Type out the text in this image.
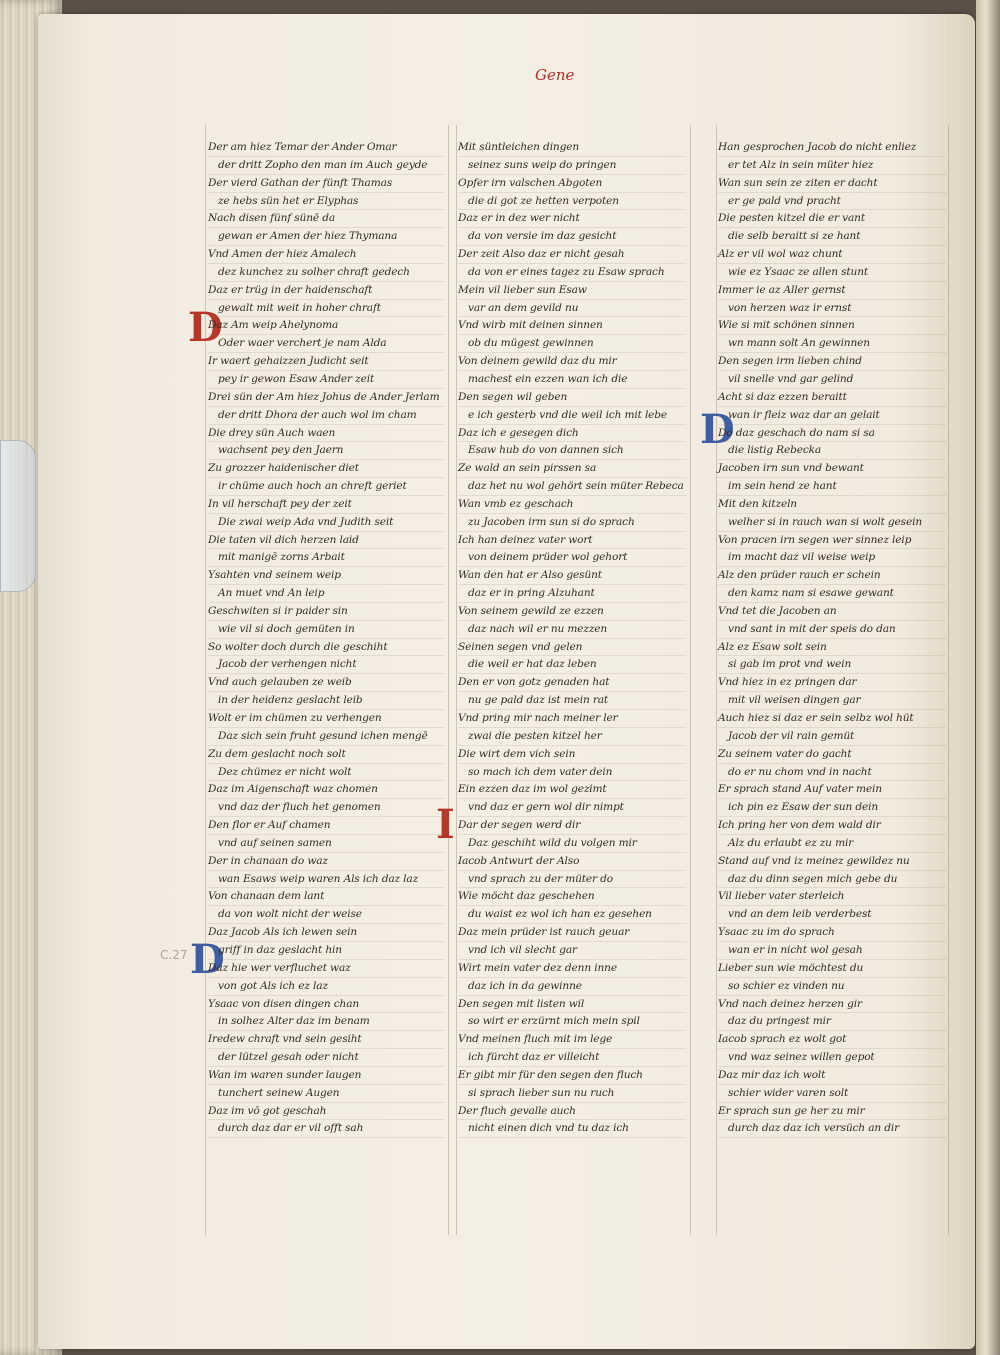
Gene
C.27
D
D
I
D
Der am hiez Temar der Ander Omar
der dritt Zopho den man im Auch geyde
Der vierd Gathan der fünft Thamas
ze hebs sün het er Elyphas
Nach disen fünf sünē da
gewan er Amen der hiez Thymana
Vnd Amen der hiez Amalech
dez kunchez zu solher chraft gedech
Daz er trüg in der haidenschaft
gewalt mit weit in hoher chraft
Daz Am weip Ahelynoma
Oder waer verchert je nam Alda
Ir waert gehaizzen Judicht seit
pey ir gewon Esaw Ander zeit
Drei sün der Am hiez Johus de Ander Jerlam
der dritt Dhora der auch wol im cham
Die drey sün Auch waen
wachsent pey den Jaern
Zu grozzer haidenischer diet
ir chüme auch hoch an chreft geriet
In vil herschaft pey der zeit
Die zwai weip Ada vnd Judith seit
Die taten vil dich herzen laid
mit manigē zorns Arbait
Ysahten vnd seinem weip
An muet vnd An leip
Geschwiten si ir paider sin
wie vil si doch gemüten in
So wolter doch durch die geschiht
Jacob der verhengen nicht
Vnd auch gelauben ze weib
in der heidenz geslacht leib
Wolt er im chümen zu verhengen
Daz sich sein fruht gesund ichen mengē
Zu dem geslacht noch solt
Dez chümez er nicht wolt
Daz im Aigenschaft waz chomen
vnd daz der fluch het genomen
Den flor er Auf chamen
vnd auf seinen samen
Der in chanaan do waz
wan Esaws weip waren Als ich daz laz
Von chanaan dem lant
da von wolt nicht der weise
Daz Jacob Als ich lewen sein
griff in daz geslacht hin
Daz hie wer verfluchet waz
von got Als ich ez laz
Ysaac von disen dingen chan
in solhez Alter daz im benam
Iredew chraft vnd sein gesiht
der lützel gesah oder nicht
Wan im waren sunder laugen
tunchert seinew Augen
Daz im vō got geschah
durch daz dar er vil offt sah
Mit süntleichen dingen
seinez suns weip do pringen
Opfer irn valschen Abgoten
die di got ze hetten verpoten
Daz er in dez wer nicht
da von versie im daz gesicht
Der zeit Also daz er nicht gesah
da von er eines tagez zu Esaw sprach
Mein vil lieber sun Esaw
var an dem gevild nu
Vnd wirb mit deinen sinnen
ob du mügest gewinnen
Von deinem gewild daz du mir
machest ein ezzen wan ich die
Den segen wil geben
e ich gesterb vnd die weil ich mit lebe
Daz ich e gesegen dich
Esaw hub do von dannen sich
Ze wald an sein pirssen sa
daz het nu wol gehört sein müter Rebeca
Wan vmb ez geschach
zu Jacoben irm sun si do sprach
Ich han deinez vater wort
von deinem prüder wol gehort
Wan den hat er Also gesünt
daz er in pring Alzuhant
Von seinem gewild ze ezzen
daz nach wil er nu mezzen
Seinen segen vnd gelen
die weil er hat daz leben
Den er von gotz genaden hat
nu ge pald daz ist mein rat
Vnd pring mir nach meiner ler
zwai die pesten kitzel her
Die wirt dem vich sein
so mach ich dem vater dein
Ein ezzen daz im wol gezimt
vnd daz er gern wol dir nimpt
Dar der segen werd dir
Daz geschiht wild du volgen mir
Iacob Antwurt der Also
vnd sprach zu der müter do
Wie möcht daz geschehen
du waist ez wol ich han ez gesehen
Daz mein prüder ist rauch geuar
vnd ich vil slecht gar
Wirt mein vater dez denn inne
daz ich in da gewinne
Den segen mit listen wil
so wirt er erzürnt mich mein spil
Vnd meinen fluch mit im lege
ich fürcht daz er villeicht
Er gibt mir für den segen den fluch
si sprach lieber sun nu ruch
Der fluch gevalle auch
nicht einen dich vnd tu daz ich
Han gesprochen Jacob do nicht enliez
er tet Alz in sein müter hiez
Wan sun sein ze ziten er dacht
er ge pald vnd pracht
Die pesten kitzel die er vant
die selb beraitt si ze hant
Alz er vil wol waz chunt
wie ez Ysaac ze allen stunt
Immer ie az Aller gernst
von herzen waz ir ernst
Wie si mit schönen sinnen
wn mann solt An gewinnen
Den segen irm lieben chind
vil snelle vnd gar gelind
Acht si daz ezzen beraitt
wan ir fleiz waz dar an gelait
Do daz geschach do nam si sa
die listig Rebecka
Jacoben irn sun vnd bewant
im sein hend ze hant
Mit den kitzeln
welher si in rauch wan si wolt gesein
Von pracen irn segen wer sinnez leip
im macht daz vil weise weip
Alz den prüder rauch er schein
den kamz nam si esawe gewant
Vnd tet die Jacoben an
vnd sant in mit der speis do dan
Alz ez Esaw solt sein
si gab im prot vnd wein
Vnd hiez in ez pringen dar
mit vil weisen dingen gar
Auch hiez si daz er sein selbz wol hüt
Jacob der vil rain gemüt
Zu seinem vater do gacht
do er nu chom vnd in nacht
Er sprach stand Auf vater mein
ich pin ez Esaw der sun dein
Ich pring her von dem wald dir
Alz du erlaubt ez zu mir
Stand auf vnd iz meinez gewildez nu
daz du dinn segen mich gebe du
Vil lieber vater sterleich
vnd an dem leib verderbest
Ysaac zu im do sprach
wan er in nicht wol gesah
Lieber sun wie möchtest du
so schier ez vinden nu
Vnd nach deinez herzen gir
daz du pringest mir
Iacob sprach ez wolt got
vnd waz seinez willen gepot
Daz mir daz ich wolt
schier wider varen solt
Er sprach sun ge her zu mir
durch daz daz ich versüch an dir
